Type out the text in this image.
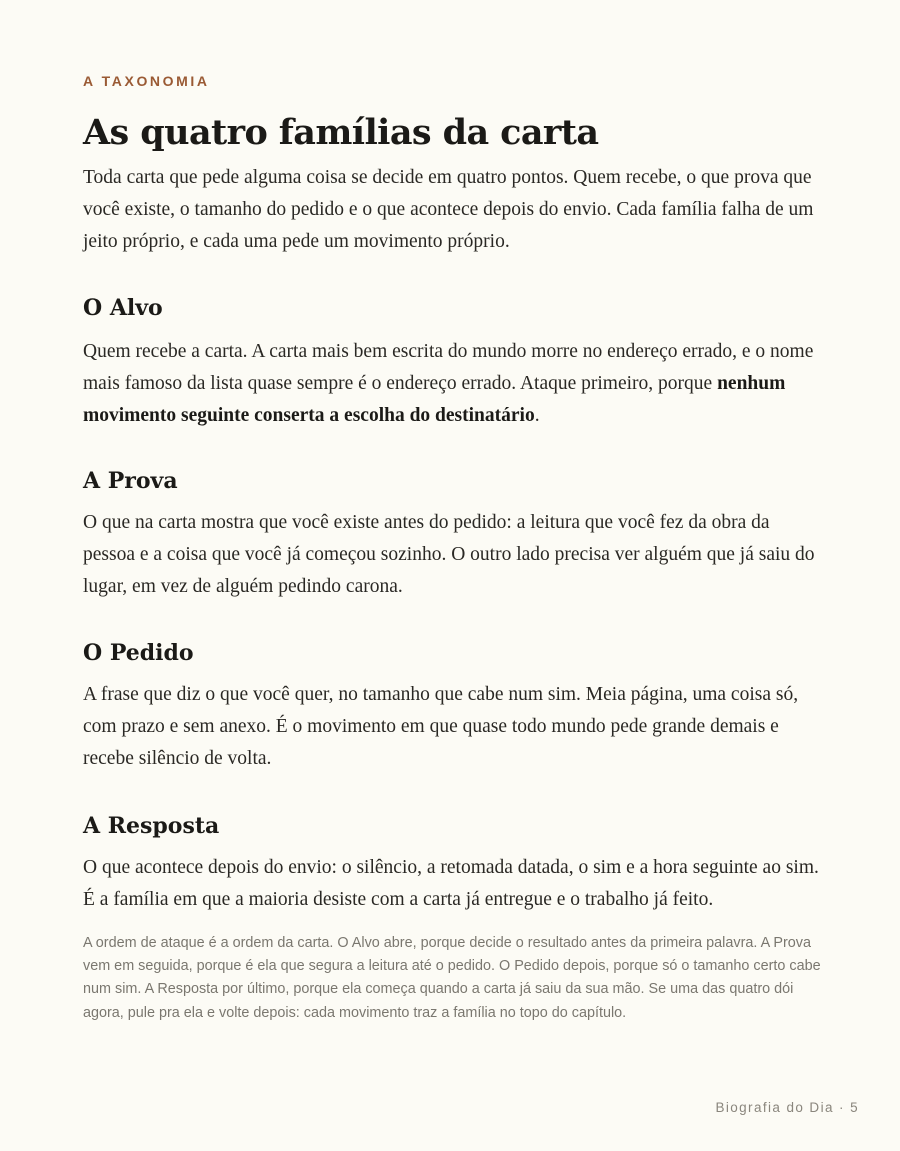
A TAXONOMIA
As quatro famílias da carta

Toda carta que pede alguma coisa se decide em quatro pontos. Quem recebe, o que prova que você existe, o tamanho do pedido e o que acontece depois do envio. Cada família falha de um jeito próprio, e cada uma pede um movimento próprio.

O Alvo

Quem recebe a carta. A carta mais bem escrita do mundo morre no endereço errado, e o nome mais famoso da lista quase sempre é o endereço errado. Ataque primeiro, porque nenhum movimento seguinte conserta a escolha do destinatário.

A Prova

O que na carta mostra que você existe antes do pedido: a leitura que você fez da obra da pessoa e a coisa que você já começou sozinho. O outro lado precisa ver alguém que já saiu do lugar, em vez de alguém pedindo carona.

O Pedido

A frase que diz o que você quer, no tamanho que cabe num sim. Meia página, uma coisa só, com prazo e sem anexo. É o movimento em que quase todo mundo pede grande demais e recebe silêncio de volta.

A Resposta

O que acontece depois do envio: o silêncio, a retomada datada, o sim e a hora seguinte ao sim. É a família em que a maioria desiste com a carta já entregue e o trabalho já feito.

A ordem de ataque é a ordem da carta. O Alvo abre, porque decide o resultado antes da primeira palavra. A Prova vem em seguida, porque é ela que segura a leitura até o pedido. O Pedido depois, porque só o tamanho certo cabe num sim. A Resposta por último, porque ela começa quando a carta já saiu da sua mão. Se uma das quatro dói agora, pule pra ela e volte depois: cada movimento traz a família no topo do capítulo.

Biografia do Dia · 5
